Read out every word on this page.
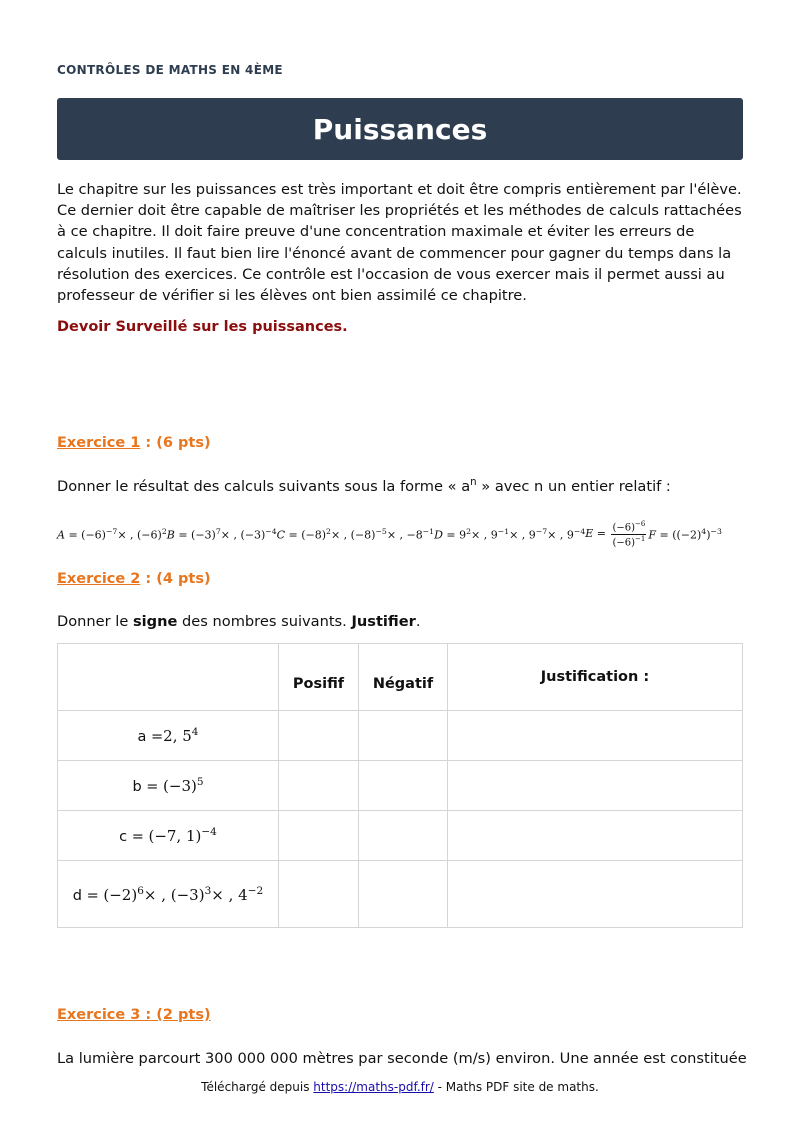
CONTRÔLES DE MATHS EN 4ÈME
Puissances

Le chapitre sur les puissances est très important et doit être compris entièrement par l'élève. Ce dernier doit être capable de maîtriser les propriétés et les méthodes de calculs rattachées à ce chapitre. Il doit faire preuve d'une concentration maximale et éviter les erreurs de calculs inutiles. Il faut bien lire l'énoncé avant de commencer pour gagner du temps dans la résolution des exercices. Ce contrôle est l'occasion de vous exercer mais il permet aussi au professeur de vérifier si les élèves ont bien assimilé ce chapitre.

Devoir Surveillé sur les puissances.
Exercice 1 : (6 pts)
Donner le résultat des calculs suivants sous la forme « $a^n$ » avec n un entier relatif :
$A = (-6)^{-7}\times$ , $(-6)^2$ $B = (-3)^7\times$ , $(-3)^{-4}$ $C = (-8)^2\times$ , $(-8)^{-5}\times$ , $-8^{-1}$ $D = 9^2\times$ , $9^{-1}\times$ , $9^{-7}\times$ , $9^{-4}$ $E = \frac{(-6)^{-6}}{(-6)^{-1}}$ $F = ((-2)^4)^{-3}$
Exercice 2 : (4 pts)
Donner le signe des nombres suivants. Justifier.
	Posifif	Négatif	Justification :
a =2, $5^4$			
$b = (-3)^5$			
c = (−7, 1)$^{-4}$			
$d = (-2)^6\times$ , $(-3)^3\times$ , $4^{-2}$			
Exercice 3 : (2 pts)
La lumière parcourt 300 000 000 mètres par seconde (m/s) environ. Une année est constituée
Téléchargé depuis https://maths-pdf.fr/ - Maths PDF site de maths.
